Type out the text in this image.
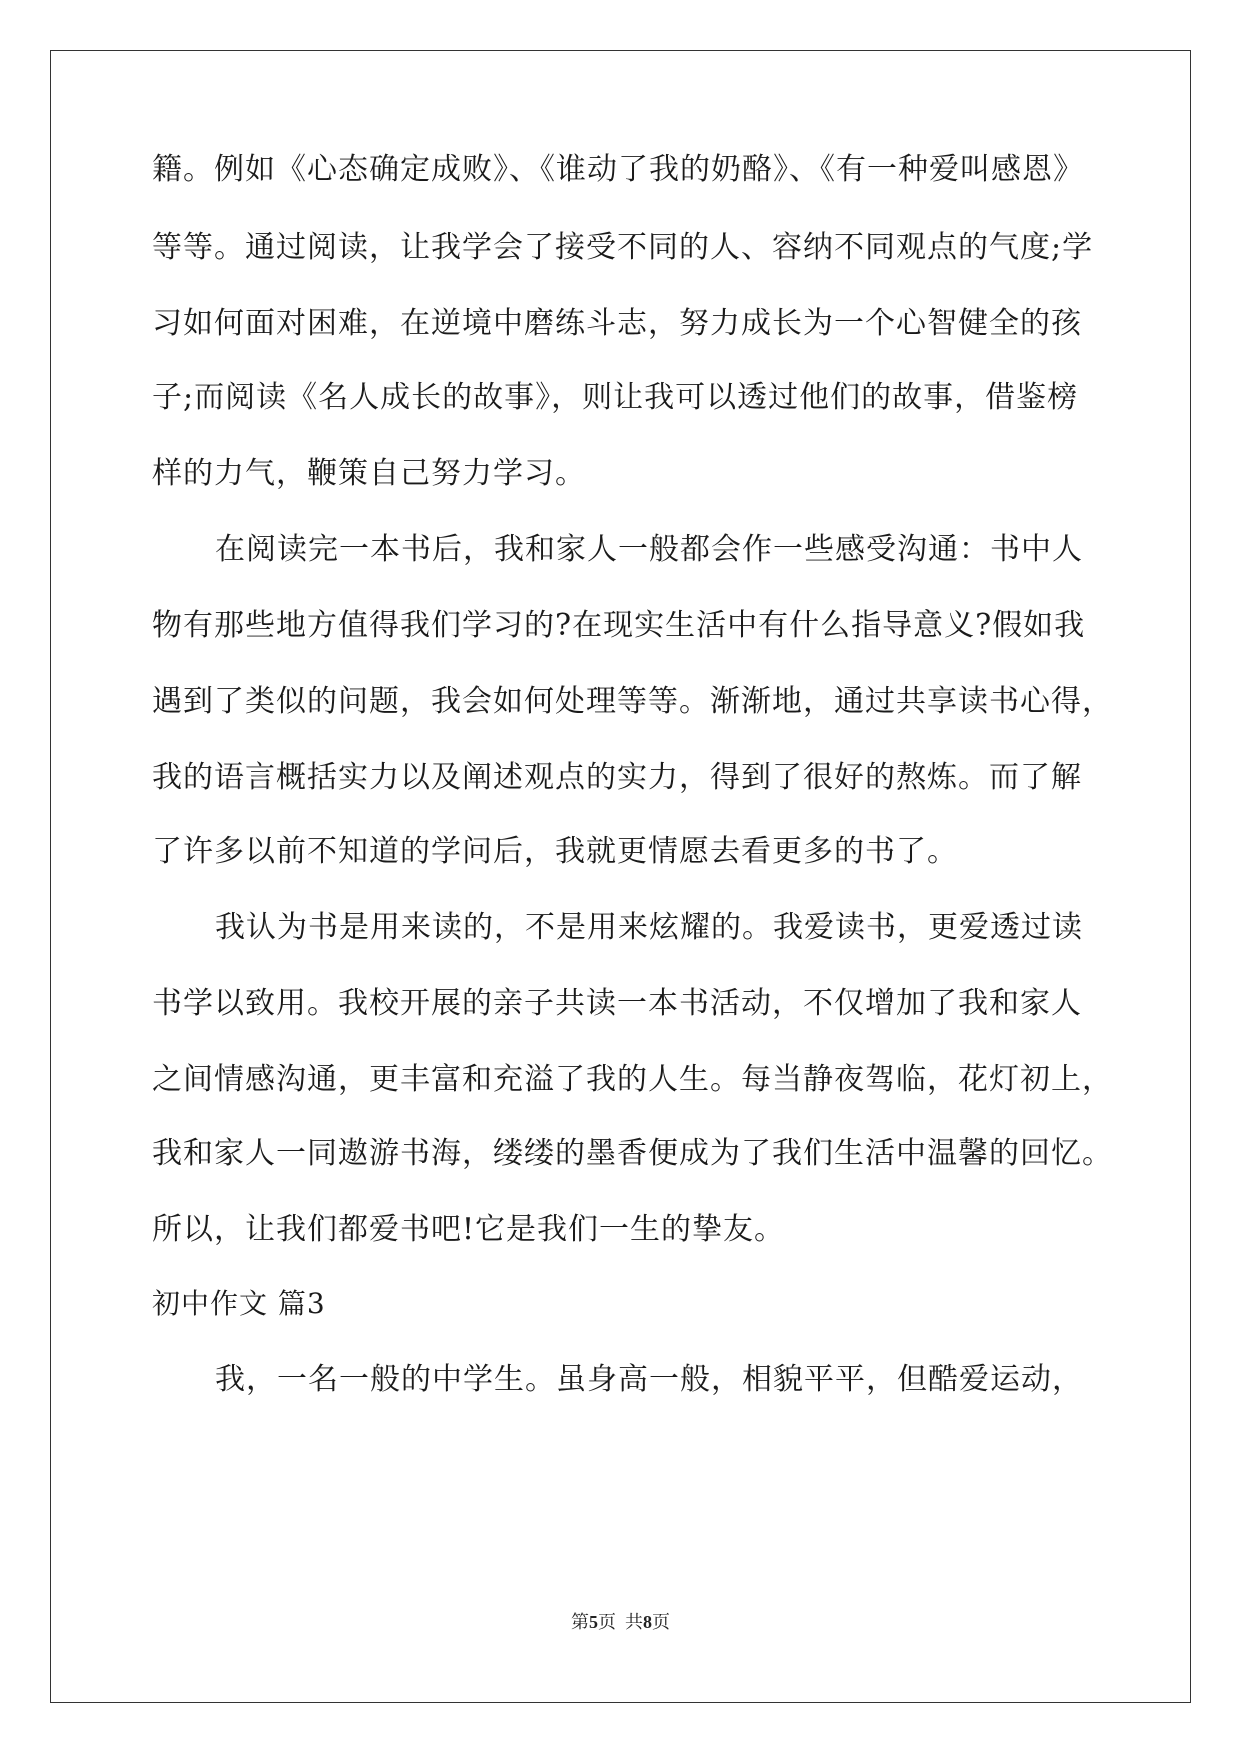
籍。例如《心态确定成败》、《谁动了我的奶酪》、《有一种爱叫感恩》
等等。通过阅读，让我学会了接受不同的人、容纳不同观点的气度;学
习如何面对困难，在逆境中磨练斗志，努力成长为一个心智健全的孩
子;而阅读《名人成长的故事》，则让我可以透过他们的故事，借鉴榜
样的力气，鞭策自己努力学习。
在阅读完一本书后，我和家人一般都会作一些感受沟通：书中人
物有那些地方值得我们学习的?在现实生活中有什么指导意义?假如我
遇到了类似的问题，我会如何处理等等。渐渐地，通过共享读书心得，
我的语言概括实力以及阐述观点的实力，得到了很好的熬炼。而了解
了许多以前不知道的学问后，我就更情愿去看更多的书了。
我认为书是用来读的，不是用来炫耀的。我爱读书，更爱透过读
书学以致用。我校开展的亲子共读一本书活动，不仅增加了我和家人
之间情感沟通，更丰富和充溢了我的人生。每当静夜驾临，花灯初上，
我和家人一同遨游书海，缕缕的墨香便成为了我们生活中温馨的回忆。
所以，让我们都爱书吧!它是我们一生的挚友。
初中作文 篇3
我，一名一般的中学生。虽身高一般，相貌平平，但酷爱运动，
第5页  共8页
